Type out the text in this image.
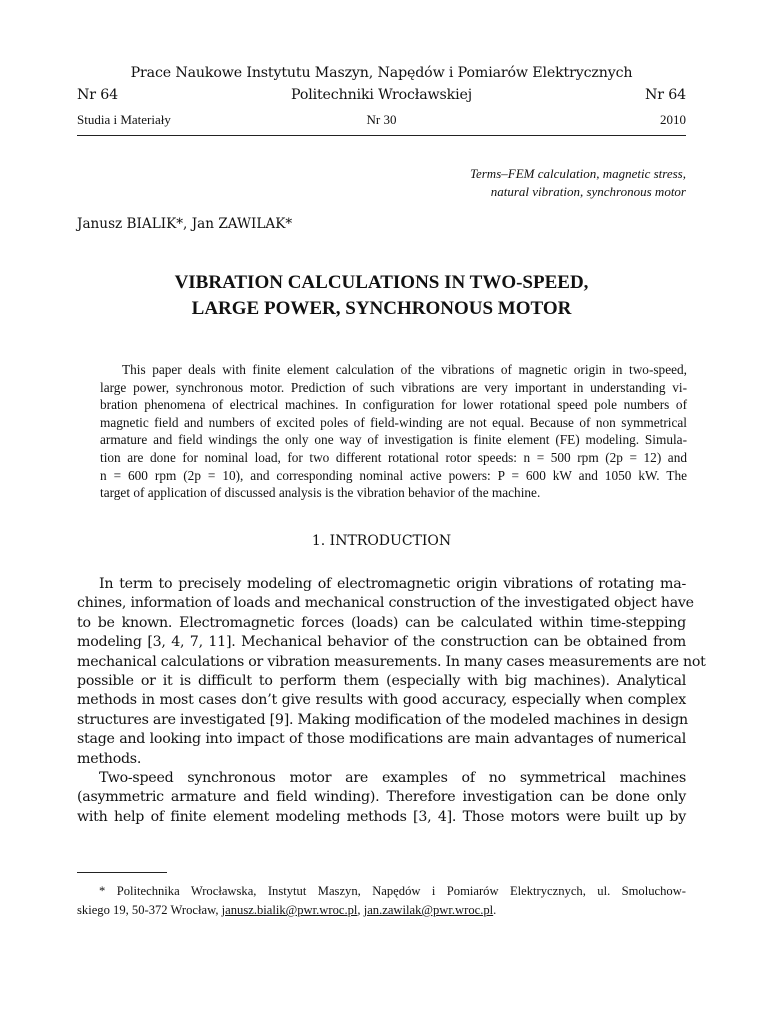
Prace Naukowe Instytutu Maszyn, Napędów i Pomiarów Elektrycznych
Nr 64	Politechniki Wrocławskiej	Nr 64
Studia i Materiały	Nr 30	2010
Terms–FEM calculation, magnetic stress,
natural vibration, synchronous motor
Janusz BIALIK*, Jan ZAWILAK*
VIBRATION CALCULATIONS IN TWO-SPEED,
LARGE POWER, SYNCHRONOUS MOTOR
This paper deals with finite element calculation of the vibrations of magnetic origin in two-speed,
large power, synchronous motor. Prediction of such vibrations are very important in understanding vi-
bration phenomena of electrical machines. In configuration for lower rotational speed pole numbers of
magnetic field and numbers of excited poles of field-winding are not equal. Because of non symmetrical
armature and field windings the only one way of investigation is finite element (FE) modeling. Simula-
tion are done for nominal load, for two different rotational rotor speeds: n = 500 rpm (2p = 12) and
n = 600 rpm (2p = 10), and corresponding nominal active powers: P = 600 kW and 1050 kW. The
target of application of discussed analysis is the vibration behavior of the machine.
1. INTRODUCTION
In term to precisely modeling of electromagnetic origin vibrations of rotating ma-
chines, information of loads and mechanical construction of the investigated object have
to be known. Electromagnetic forces (loads) can be calculated within time-stepping
modeling [3, 4, 7, 11]. Mechanical behavior of the construction can be obtained from
mechanical calculations or vibration measurements. In many cases measurements are not
possible or it is difficult to perform them (especially with big machines). Analytical
methods in most cases don’t give results with good accuracy, especially when complex
structures are investigated [9]. Making modification of the modeled machines in design
stage and looking into impact of those modifications are main advantages of numerical
methods.
Two-speed synchronous motor are examples of no symmetrical machines
(asymmetric armature and field winding). Therefore investigation can be done only
with help of finite element modeling methods [3, 4]. Those motors were built up by
* Politechnika Wrocławska, Instytut Maszyn, Napędów i Pomiarów Elektrycznych, ul. Smoluchow-
skiego 19, 50-372 Wrocław, janusz.bialik@pwr.wroc.pl, jan.zawilak@pwr.wroc.pl.
